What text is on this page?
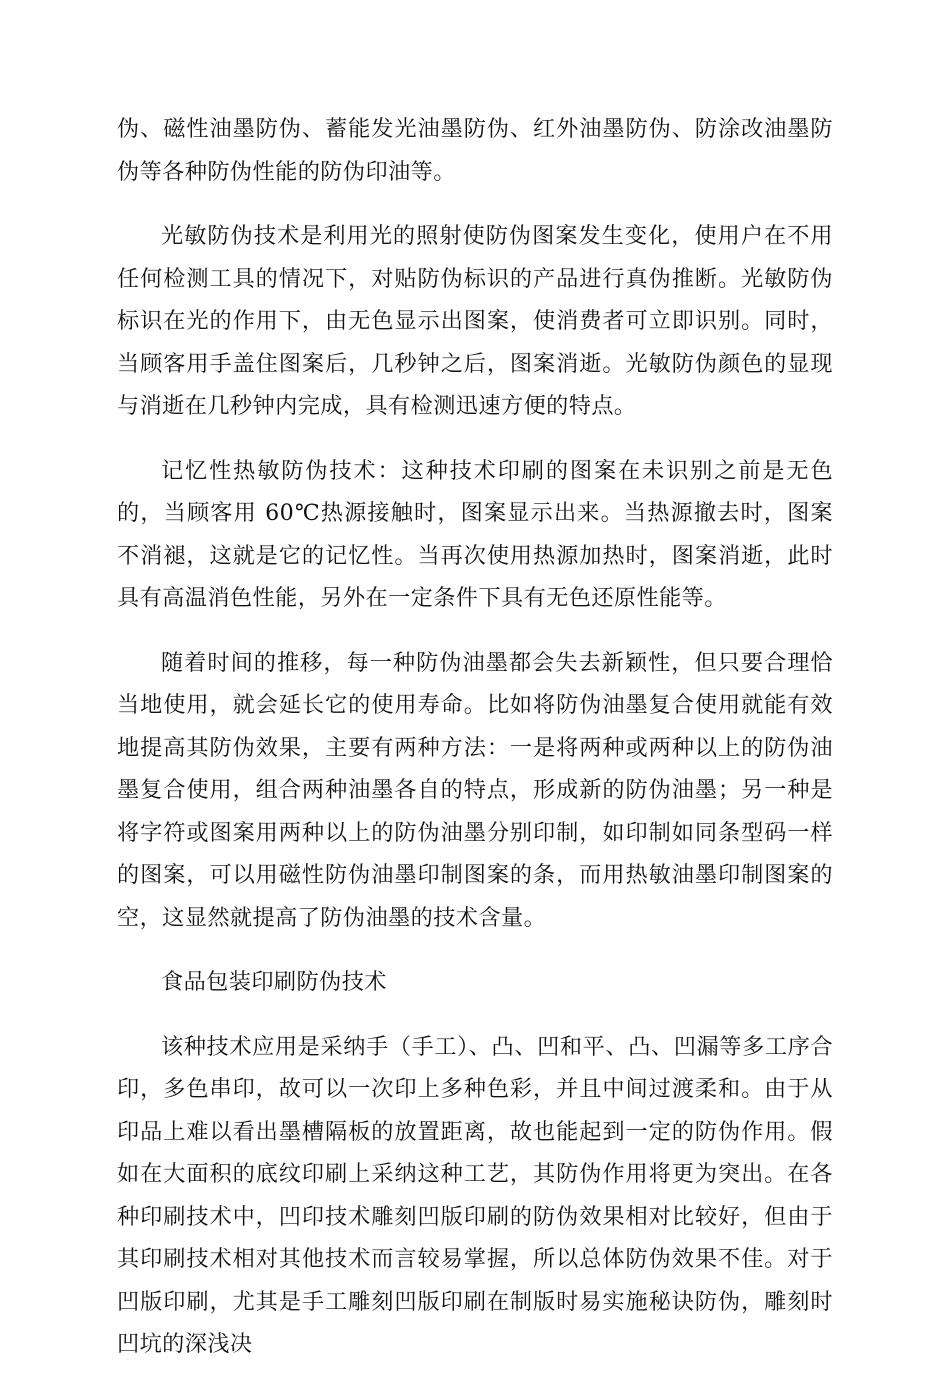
伪、磁性油墨防伪、蓄能发光油墨防伪、红外油墨防伪、防涂改油墨防伪等各种防伪性能的防伪印油等。

光敏防伪技术是利用光的照射使防伪图案发生变化，使用户在不用任何检测工具的情况下，对贴防伪标识的产品进行真伪推断。光敏防伪标识在光的作用下，由无色显示出图案，使消费者可立即识别。同时，当顾客用手盖住图案后，几秒钟之后，图案消逝。光敏防伪颜色的显现与消逝在几秒钟内完成，具有检测迅速方便的特点。

记忆性热敏防伪技术：这种技术印刷的图案在未识别之前是无色的，当顾客用 60℃热源接触时，图案显示出来。当热源撤去时，图案不消褪，这就是它的记忆性。当再次使用热源加热时，图案消逝，此时具有高温消色性能，另外在一定条件下具有无色还原性能等。

随着时间的推移，每一种防伪油墨都会失去新颖性，但只要合理恰当地使用，就会延长它的使用寿命。比如将防伪油墨复合使用就能有效地提高其防伪效果，主要有两种方法：一是将两种或两种以上的防伪油墨复合使用，组合两种油墨各自的特点，形成新的防伪油墨；另一种是将字符或图案用两种以上的防伪油墨分别印制，如印制如同条型码一样的图案，可以用磁性防伪油墨印制图案的条，而用热敏油墨印制图案的空，这显然就提高了防伪油墨的技术含量。

食品包装印刷防伪技术

该种技术应用是采纳手（手工）、凸、凹和平、凸、凹漏等多工序合印，多色串印，故可以一次印上多种色彩，并且中间过渡柔和。由于从印品上难以看出墨槽隔板的放置距离，故也能起到一定的防伪作用。假如在大面积的底纹印刷上采纳这种工艺，其防伪作用将更为突出。在各种印刷技术中，凹印技术雕刻凹版印刷的防伪效果相对比较好，但由于其印刷技术相对其他技术而言较易掌握，所以总体防伪效果不佳。对于凹版印刷，尤其是手工雕刻凹版印刷在制版时易实施秘诀防伪，雕刻时凹坑的深浅决
